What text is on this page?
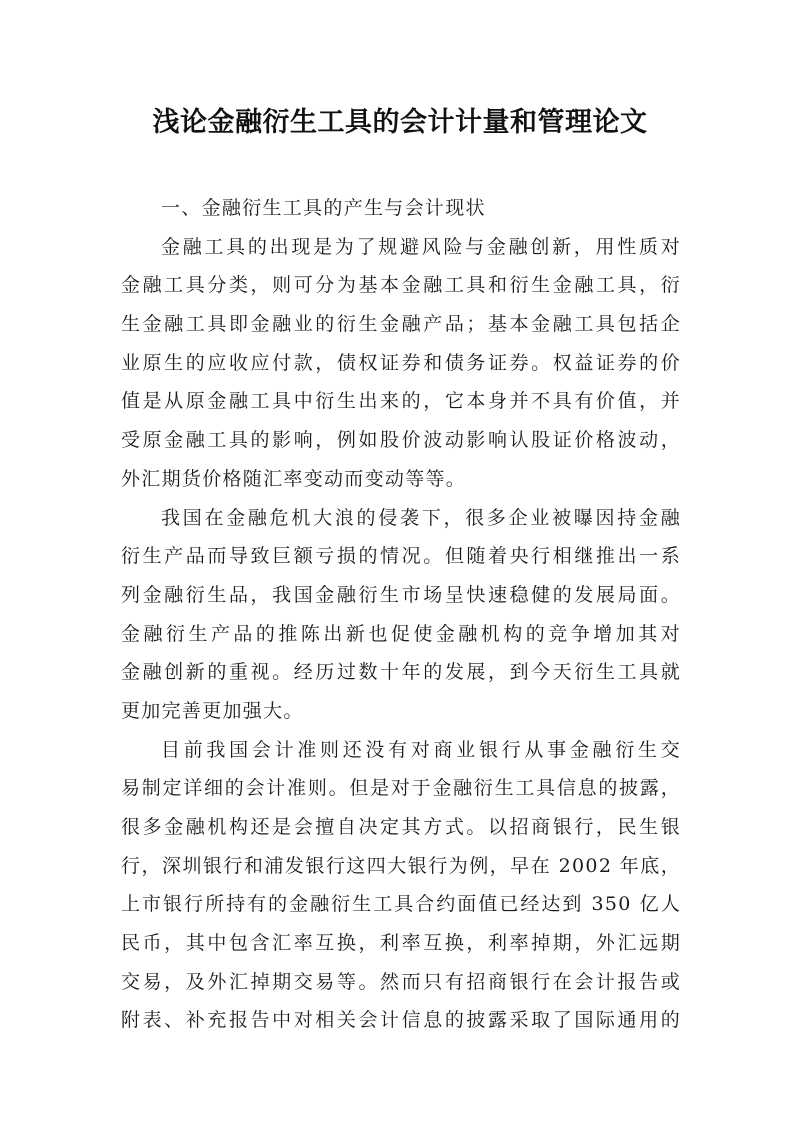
浅论金融衍生工具的会计计量和管理论文
一、金融衍生工具的产生与会计现状
金融工具的出现是为了规避风险与金融创新，用性质对
金融工具分类，则可分为基本金融工具和衍生金融工具，衍
生金融工具即金融业的衍生金融产品；基本金融工具包括企
业原生的应收应付款，债权证券和债务证券。权益证券的价
值是从原金融工具中衍生出来的，它本身并不具有价值，并
受原金融工具的影响，例如股价波动影响认股证价格波动，
外汇期货价格随汇率变动而变动等等。
我国在金融危机大浪的侵袭下，很多企业被曝因持金融
衍生产品而导致巨额亏损的情况。但随着央行相继推出一系
列金融衍生品，我国金融衍生市场呈快速稳健的发展局面。
金融衍生产品的推陈出新也促使金融机构的竞争增加其对
金融创新的重视。经历过数十年的发展，到今天衍生工具就
更加完善更加强大。
目前我国会计准则还没有对商业银行从事金融衍生交
易制定详细的会计准则。但是对于金融衍生工具信息的披露，
很多金融机构还是会擅自决定其方式。以招商银行，民生银
行，深圳银行和浦发银行这四大银行为例，早在 2002 年底，
上市银行所持有的金融衍生工具合约面值已经达到 350 亿人
民币，其中包含汇率互换，利率互换，利率掉期，外汇远期
交易，及外汇掉期交易等。然而只有招商银行在会计报告或
附表、补充报告中对相关会计信息的披露采取了国际通用的
